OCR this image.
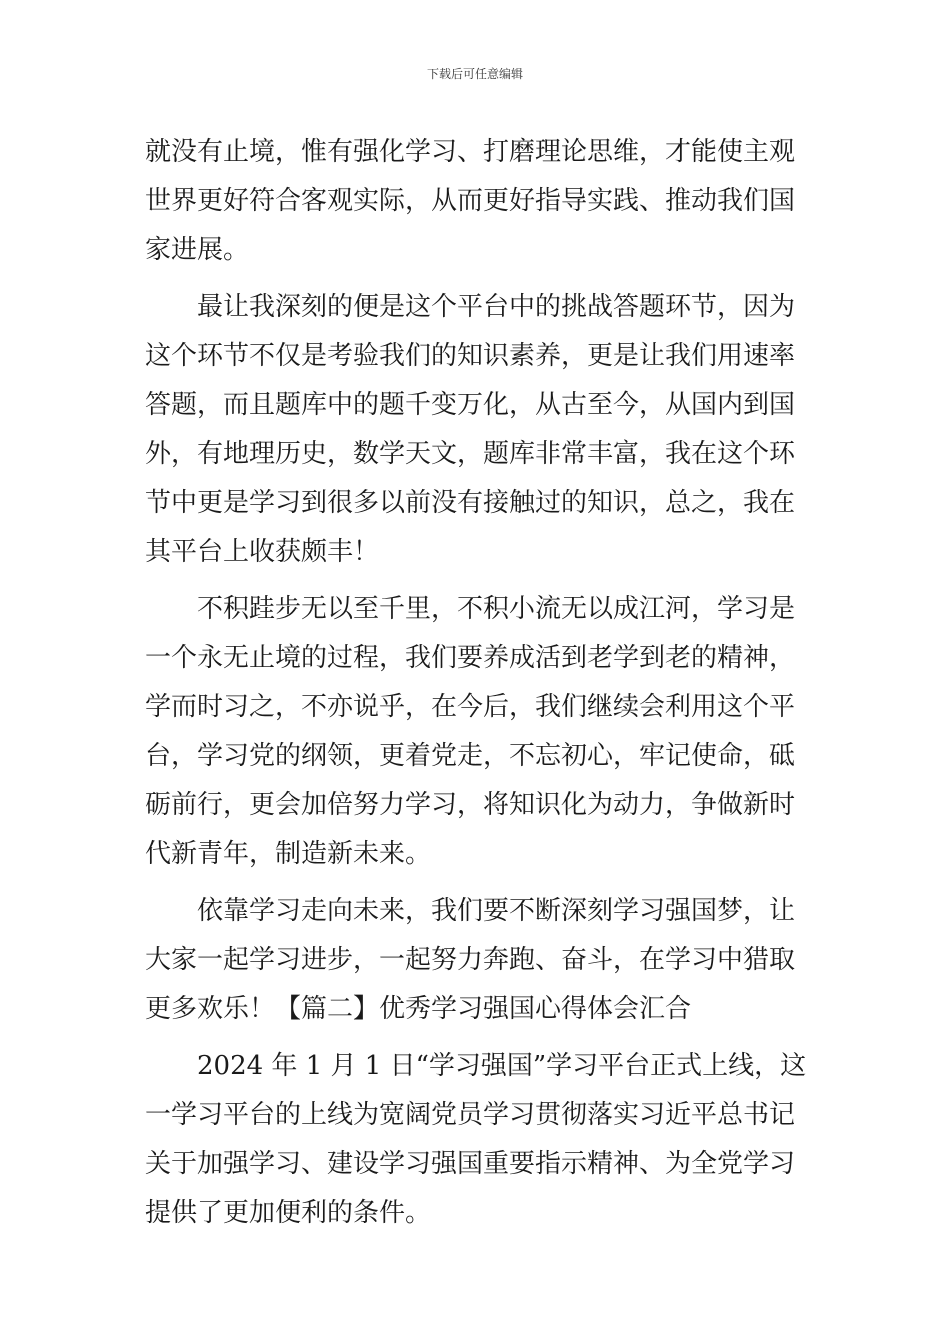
下载后可任意编辑
就没有止境，惟有强化学习、打磨理论思维，才能使主观
世界更好符合客观实际，从而更好指导实践、推动我们国
家进展。
最让我深刻的便是这个平台中的挑战答题环节，因为
这个环节不仅是考验我们的知识素养，更是让我们用速率
答题，而且题库中的题千变万化，从古至今，从国内到国
外，有地理历史，数学天文，题库非常丰富，我在这个环
节中更是学习到很多以前没有接触过的知识，总之，我在
其平台上收获颇丰！
不积跬步无以至千里，不积小流无以成江河，学习是
一个永无止境的过程，我们要养成活到老学到老的精神，
学而时习之，不亦说乎，在今后，我们继续会利用这个平
台，学习党的纲领，更着党走，不忘初心，牢记使命，砥
砺前行，更会加倍努力学习，将知识化为动力，争做新时
代新青年，制造新未来。
依靠学习走向未来，我们要不断深刻学习强国梦，让
大家一起学习进步，一起努力奔跑、奋斗，在学习中猎取
更多欢乐！【篇二】优秀学习强国心得体会汇合
2024 年 1 月 1 日“学习强国”学习平台正式上线，这
一学习平台的上线为宽阔党员学习贯彻落实习近平总书记
关于加强学习、建设学习强国重要指示精神、为全党学习
提供了更加便利的条件。
